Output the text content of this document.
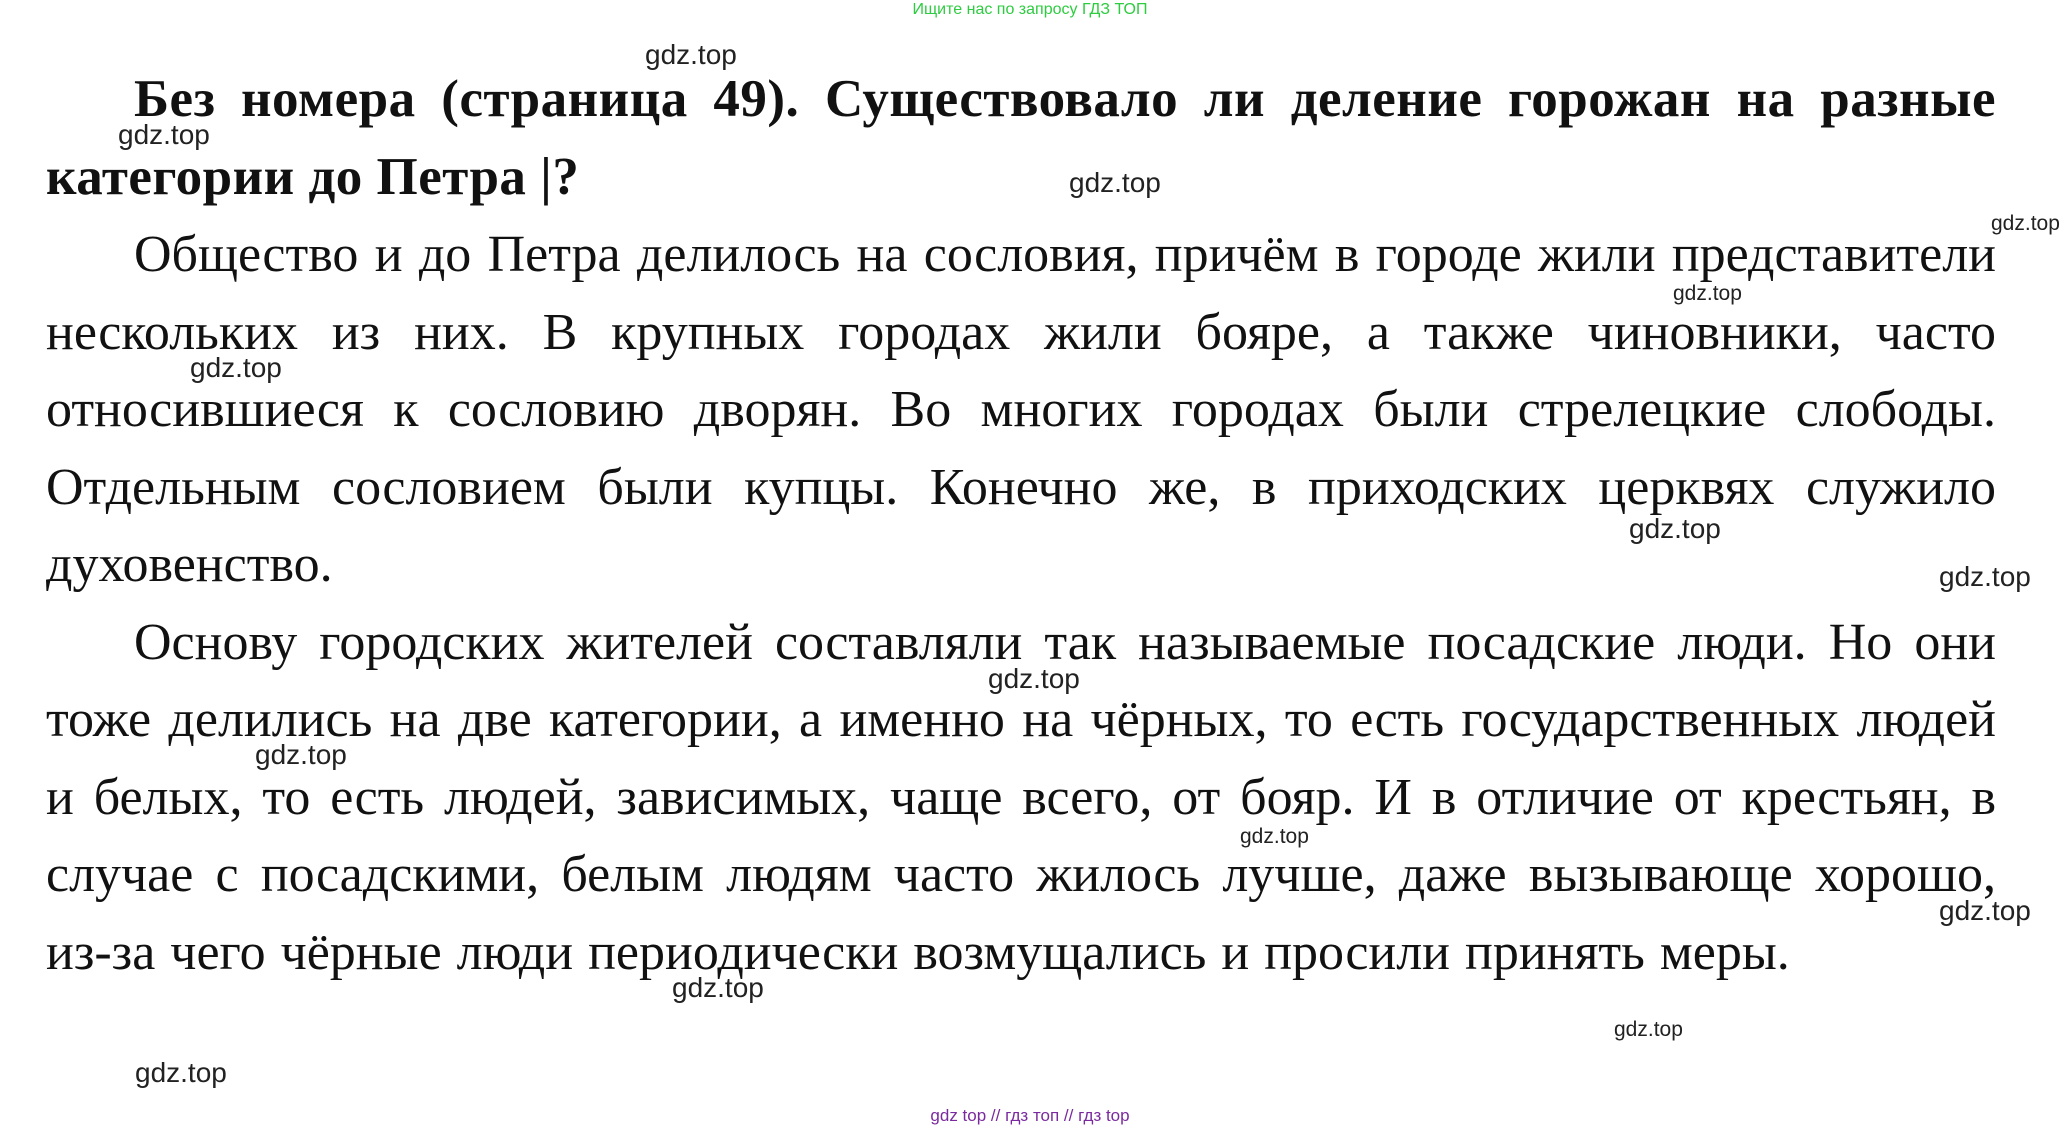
Ищите нас по запросу ГДЗ ТОП

Без номера (страница 49). Существовало ли деление горожан на разные категории до Петра |?

Общество и до Петра делилось на сословия, причём в городе жили представители нескольких из них. В крупных городах жили бояре, а также чиновники, часто относившиеся к сословию дворян. Во многих городах были стрелецкие слободы. Отдельным сословием были купцы. Конечно же, в приходских церквях служило духовенство.

Основу городских жителей составляли так называемые посадские люди. Но они тоже делились на две категории, а именно на чёрных, то есть государственных людей и белых, то есть людей, зависимых, чаще всего, от бояр. И в отличие от крестьян, в случае с посадскими, белым людям часто жилось лучше, даже вызывающе хорошо, из-за чего чёрные люди периодически возмущались и просили принять меры.

gdz.top
gdz.top
gdz.top
gdz.top
gdz.top
gdz.top
gdz.top
gdz.top
gdz.top
gdz.top
gdz.top
gdz.top
gdz.top
gdz.top
gdz.top
gdz top // гдз топ // гдз top
